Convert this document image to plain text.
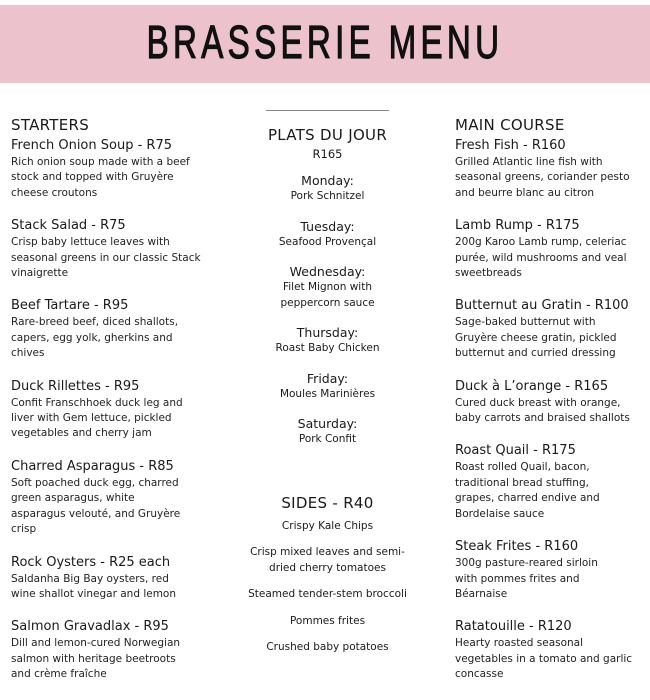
BRASSERIE MENU
STARTERS
French Onion Soup - R75
Rich onion soup made with a beef
stock and topped with Gruyère
cheese croutons
Stack Salad - R75
Crisp baby lettuce leaves with
seasonal greens in our classic Stack
vinaigrette
Beef Tartare - R95
Rare-breed beef, diced shallots,
capers, egg yolk, gherkins and
chives
Duck Rillettes - R95
Confit Franschhoek duck leg and
liver with Gem lettuce, pickled
vegetables and cherry jam
Charred Asparagus - R85
Soft poached duck egg, charred
green asparagus, white
asparagus velouté, and Gruyère
crisp
Rock Oysters - R25 each
Saldanha Big Bay oysters, red
wine shallot vinegar and lemon
Salmon Gravadlax - R95
Dill and lemon-cured Norwegian
salmon with heritage beetroots
and crème fraîche
PLATS DU JOUR
R165
Monday:
Pork Schnitzel
Tuesday:
Seafood Provençal
Wednesday:
Filet Mignon with
peppercorn sauce
Thursday:
Roast Baby Chicken
Friday:
Moules Marinières
Saturday:
Pork Confit
SIDES - R40
Crispy Kale Chips
Crisp mixed leaves and semi-
dried cherry tomatoes
Steamed tender-stem broccoli
Pommes frites
Crushed baby potatoes
MAIN COURSE
Fresh Fish - R160
Grilled Atlantic line fish with
seasonal greens, coriander pesto
and beurre blanc au citron
Lamb Rump - R175
200g Karoo Lamb rump, celeriac
purée, wild mushrooms and veal
sweetbreads
Butternut au Gratin - R100
Sage-baked butternut with
Gruyère cheese gratin, pickled
butternut and curried dressing
Duck à L’orange - R165
Cured duck breast with orange,
baby carrots and braised shallots
Roast Quail - R175
Roast rolled Quail, bacon,
traditional bread stuffing,
grapes, charred endive and
Bordelaise sauce
Steak Frites - R160
300g pasture-reared sirloin
with pommes frites and
Béarnaise
Ratatouille - R120
Hearty roasted seasonal
vegetables in a tomato and garlic
concasse
